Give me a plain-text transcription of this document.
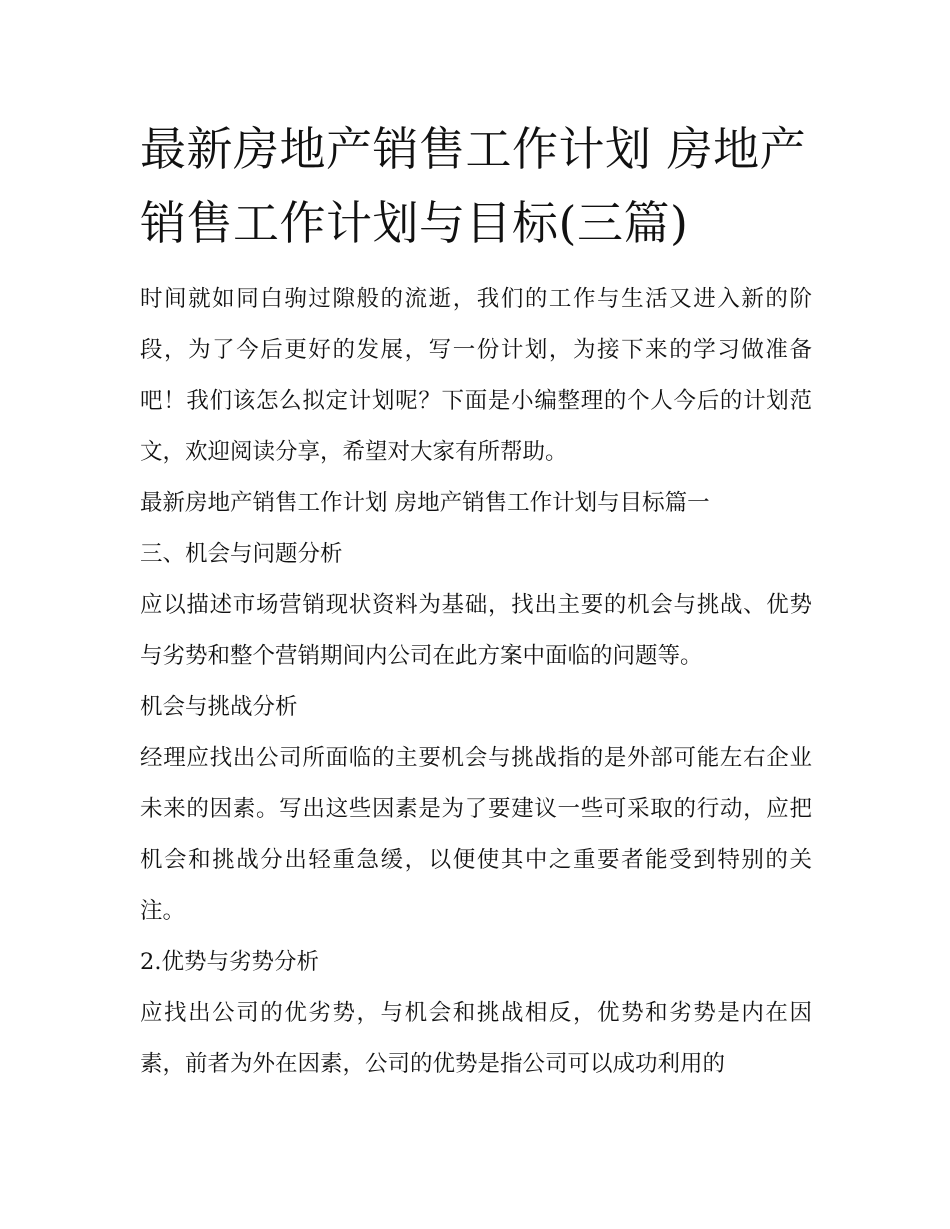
最新房地产销售工作计划 房地产销售工作计划与目标(三篇)

时间就如同白驹过隙般的流逝，我们的工作与生活又进入新的阶段，为了今后更好的发展，写一份计划，为接下来的学习做准备吧！我们该怎么拟定计划呢？下面是小编整理的个人今后的计划范文，欢迎阅读分享，希望对大家有所帮助。

最新房地产销售工作计划 房地产销售工作计划与目标篇一

三、机会与问题分析

应以描述市场营销现状资料为基础，找出主要的机会与挑战、优势与劣势和整个营销期间内公司在此方案中面临的问题等。

机会与挑战分析

经理应找出公司所面临的主要机会与挑战指的是外部可能左右企业未来的因素。写出这些因素是为了要建议一些可采取的行动，应把机会和挑战分出轻重急缓，以便使其中之重要者能受到特别的关注。

2.优势与劣势分析

应找出公司的优劣势，与机会和挑战相反，优势和劣势是内在因素，前者为外在因素，公司的优势是指公司可以成功利用的
